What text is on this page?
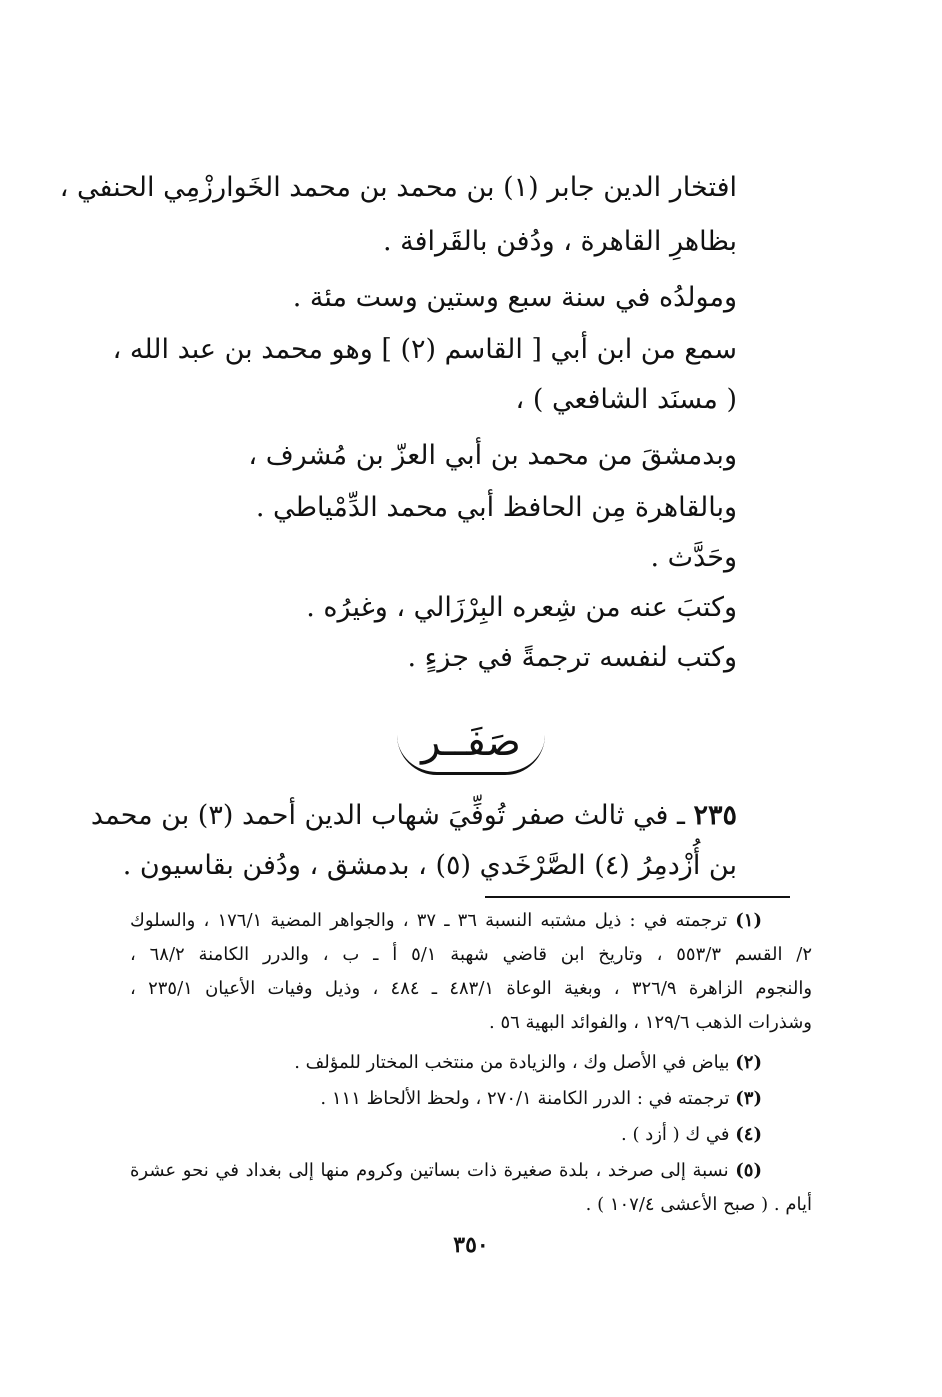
افتخار الدين جابر (١) بن محمد بن محمد الخَوارزْمِي الحنفي ،
بظاهرِ القاهرة ، ودُفن بالقَرافة .
ومولدُه في سنة سبع وستين وست مئة .
سمع من ابن أبي [ القاسم (٢) ] وهو محمد بن عبد الله ،
( مسنَد الشافعي ) ،
وبدمشقَ من محمد بن أبي العزّ بن مُشرف ،
وبالقاهرة مِن الحافظ أبي محمد الدِّمْياطي .
وحَدَّث .
وكتبَ عنه من شِعره البِرْزَالي ، وغيرُه .
وكتب لنفسه ترجمةً في جزءٍ .
صَفَــر
٢٣٥ ـ في ثالث صفر تُوفِّيَ شهاب الدين أحمد (٣) بن محمد
بن أُزْدمِرُ (٤) الصَّرْخَدي (٥) ، بدمشق ، ودُفن بقاسيون .
(١) ترجمته في : ذيل مشتبه النسبة ٣٦ ـ ٣٧ ، والجواهر المضية ١٧٦/١ ، والسلوك
٢/ القسم ٥٥٣/٣ ، وتاريخ ابن قاضي شهبة ٥/١ أ ـ ب ، والدرر الكامنة ٦٨/٢ ،
والنجوم الزاهرة ٣٢٦/٩ ، وبغية الوعاة ٤٨٣/١ ـ ٤٨٤ ، وذيل وفيات الأعيان ٢٣٥/١ ،
وشذرات الذهب ١٢٩/٦ ، والفوائد البهية ٥٦ .
(٢) بياض في الأصل وك ، والزيادة من منتخب المختار للمؤلف .
(٣) ترجمته في : الدرر الكامنة ٢٧٠/١ ، ولحظ الألحاظ ١١١ .
(٤) في ك ( أزد ) .
(٥) نسبة إلى صرخد ، بلدة صغيرة ذات بساتين وكروم منها إلى بغداد في نحو عشرة
أيام . ( صبح الأعشى ١٠٧/٤ ) .
٣٥٠
